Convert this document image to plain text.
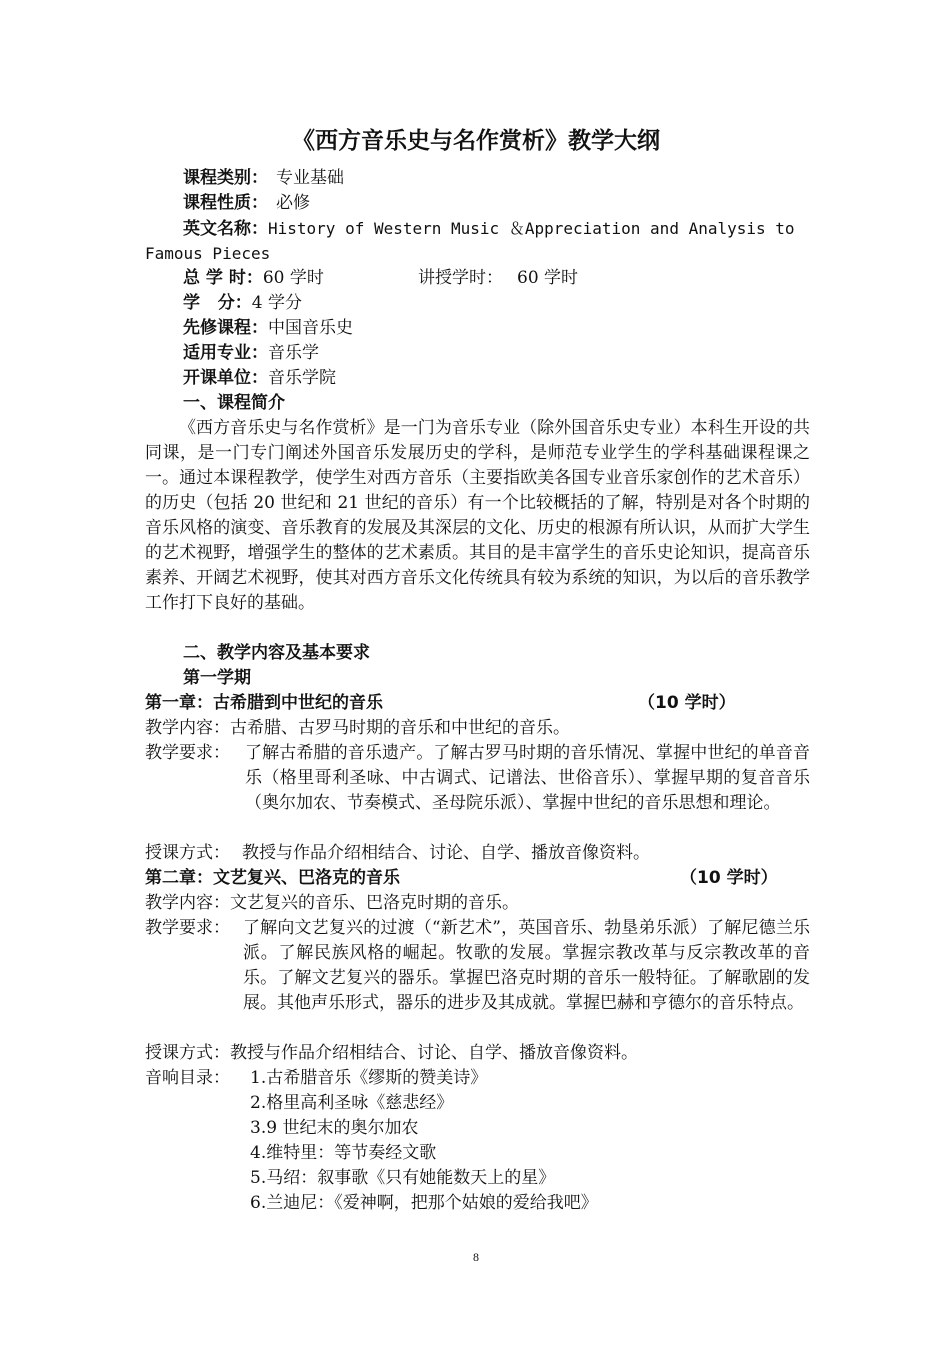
《西方音乐史与名作赏析》教学大纲
课程类别： 专业基础
课程性质： 必修
英文名称：History of Western Music ＆Appreciation and Analysis to
Famous Pieces
总 学 时：60 学时	讲授学时： 60 学时
学   分：4 学分
先修课程：中国音乐史
适用专业：音乐学
开课单位：音乐学院
一、课程简介
《西方音乐史与名作赏析》是一门为音乐专业（除外国音乐史专业）本科生开设的共同课，是一门专门阐述外国音乐发展历史的学科，是师范专业学生的学科基础课程课之一。通过本课程教学，使学生对西方音乐（主要指欧美各国专业音乐家创作的艺术音乐）的历史（包括 20 世纪和 21 世纪的音乐）有一个比较概括的了解，特别是对各个时期的音乐风格的演变、音乐教育的发展及其深层的文化、历史的根源有所认识，从而扩大学生的艺术视野，增强学生的整体的艺术素质。其目的是丰富学生的音乐史论知识，提高音乐素养、开阔艺术视野，使其对西方音乐文化传统具有较为系统的知识，为以后的音乐教学工作打下良好的基础。
二、教学内容及基本要求
第一学期
第一章：古希腊到中世纪的音乐	（10 学时）
教学内容：古希腊、古罗马时期的音乐和中世纪的音乐。
教学要求： 了解古希腊的音乐遗产。了解古罗马时期的音乐情况、掌握中世纪的单音音乐（格里哥利圣咏、中古调式、记谱法、世俗音乐）、掌握早期的复音音乐（奥尔加农、节奏模式、圣母院乐派）、掌握中世纪的音乐思想和理论。
授课方式： 教授与作品介绍相结合、讨论、自学、播放音像资料。
第二章：文艺复兴、巴洛克的音乐	（10 学时）
教学内容：文艺复兴的音乐、巴洛克时期的音乐。
教学要求： 了解向文艺复兴的过渡（“新艺术”，英国音乐、勃垦弟乐派）了解尼德兰乐派。了解民族风格的崛起。牧歌的发展。掌握宗教改革与反宗教改革的音乐。了解文艺复兴的器乐。掌握巴洛克时期的音乐一般特征。了解歌剧的发展。其他声乐形式，器乐的进步及其成就。掌握巴赫和亨德尔的音乐特点。
授课方式：教授与作品介绍相结合、讨论、自学、播放音像资料。
音响目录： 1.古希腊音乐《缪斯的赞美诗》
2.格里高利圣咏《慈悲经》
3.9 世纪末的奥尔加农
4.维特里：等节奏经文歌
5.马绍：叙事歌《只有她能数天上的星》
6.兰迪尼：《爱神啊，把那个姑娘的爱给我吧》
8
